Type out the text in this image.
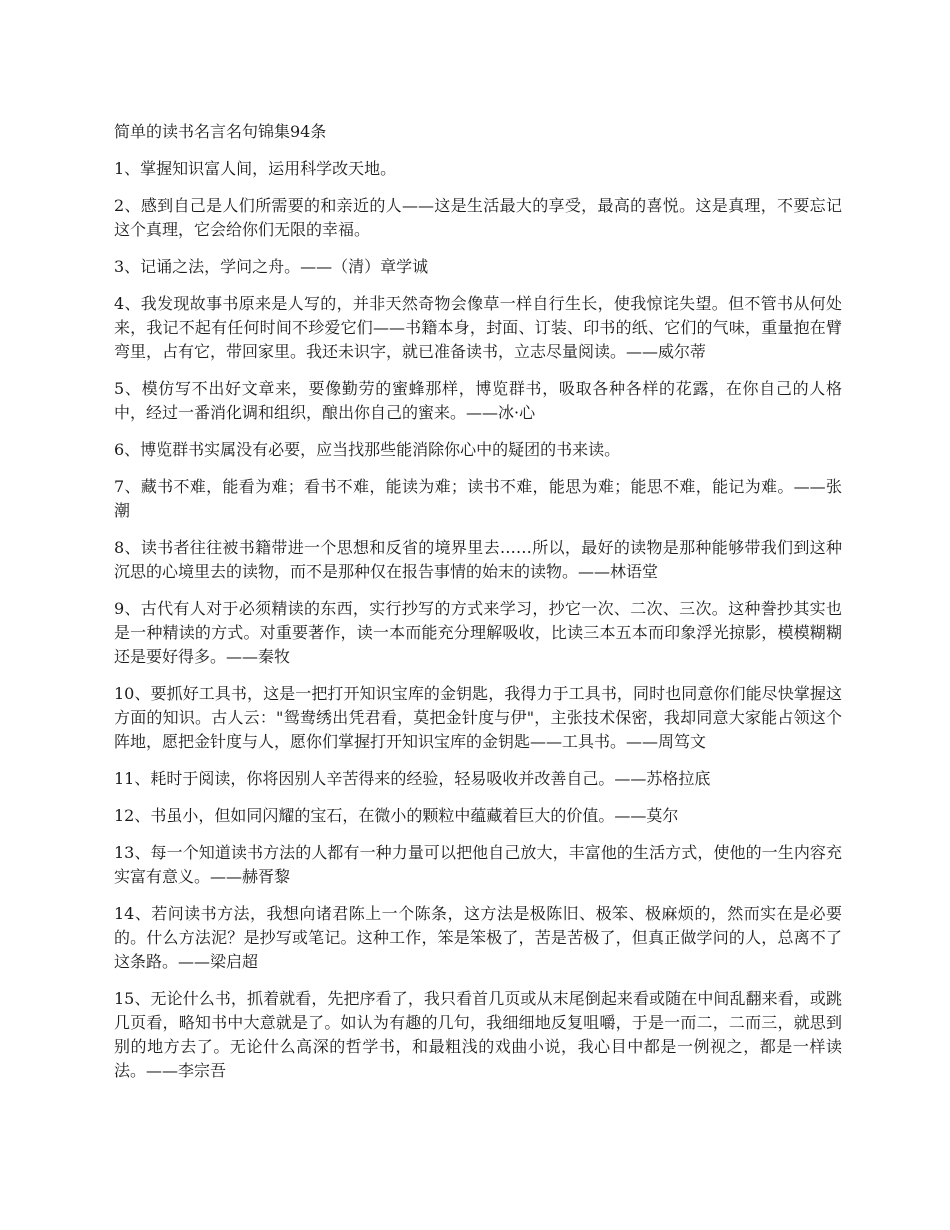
简单的读书名言名句锦集94条

1、掌握知识富人间，运用科学改天地。

2、感到自己是人们所需要的和亲近的人——这是生活最大的享受，最高的喜悦。这是真理，不要忘记这个真理，它会给你们无限的幸福。

3、记诵之法，学问之舟。——（清）章学诚

4、我发现故事书原来是人写的，并非天然奇物会像草一样自行生长，使我惊诧失望。但不管书从何处来，我记不起有任何时间不珍爱它们——书籍本身，封面、订装、印书的纸、它们的气味，重量抱在臂弯里，占有它，带回家里。我还未识字，就已准备读书，立志尽量阅读。——威尔蒂

5、模仿写不出好文章来，要像勤劳的蜜蜂那样，博览群书，吸取各种各样的花露，在你自己的人格中，经过一番消化调和组织，酿出你自己的蜜来。——冰·心

6、博览群书实属没有必要，应当找那些能消除你心中的疑团的书来读。

7、藏书不难，能看为难；看书不难，能读为难；读书不难，能思为难；能思不难，能记为难。——张潮

8、读书者往往被书籍带进一个思想和反省的境界里去……所以，最好的读物是那种能够带我们到这种沉思的心境里去的读物，而不是那种仅在报告事情的始末的读物。——林语堂

9、古代有人对于必须精读的东西，实行抄写的方式来学习，抄它一次、二次、三次。这种誊抄其实也是一种精读的方式。对重要著作，读一本而能充分理解吸收，比读三本五本而印象浮光掠影，模模糊糊还是要好得多。——秦牧

10、要抓好工具书，这是一把打开知识宝库的金钥匙，我得力于工具书，同时也同意你们能尽快掌握这方面的知识。古人云："鸳鸯绣出凭君看，莫把金针度与伊"，主张技术保密，我却同意大家能占领这个阵地，愿把金针度与人，愿你们掌握打开知识宝库的金钥匙——工具书。——周笃文

11、耗时于阅读，你将因别人辛苦得来的经验，轻易吸收并改善自己。——苏格拉底

12、书虽小，但如同闪耀的宝石，在微小的颗粒中蕴藏着巨大的价值。——莫尔

13、每一个知道读书方法的人都有一种力量可以把他自己放大，丰富他的生活方式，使他的一生内容充实富有意义。——赫胥黎

14、若问读书方法，我想向诸君陈上一个陈条，这方法是极陈旧、极笨、极麻烦的，然而实在是必要的。什么方法泥？是抄写或笔记。这种工作，笨是笨极了，苦是苦极了，但真正做学问的人，总离不了这条路。——梁启超

15、无论什么书，抓着就看，先把序看了，我只看首几页或从末尾倒起来看或随在中间乱翻来看，或跳几页看，略知书中大意就是了。如认为有趣的几句，我细细地反复咀嚼，于是一而二，二而三，就思到别的地方去了。无论什么高深的哲学书，和最粗浅的戏曲小说，我心目中都是一例视之，都是一样读法。——李宗吾
